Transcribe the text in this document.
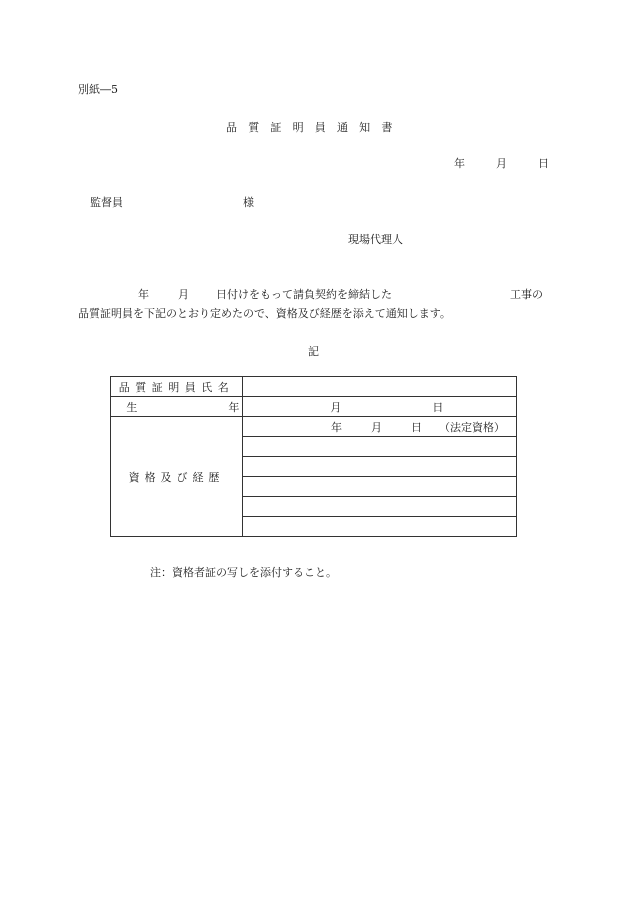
別紙―5
品 質 証 明 員 通 知 書
年	月	日
監督員	様
現場代理人
年	月 日付けをもって請負契約を締結した	工事の
品質証明員を下記のとおり定めたので、資格及び経歴を添えて通知します。
記
品質証明員氏名	
生    年    月    日	
資格及び経歴	年 月 日 （法定資格）

注：資格者証の写しを添付すること。
